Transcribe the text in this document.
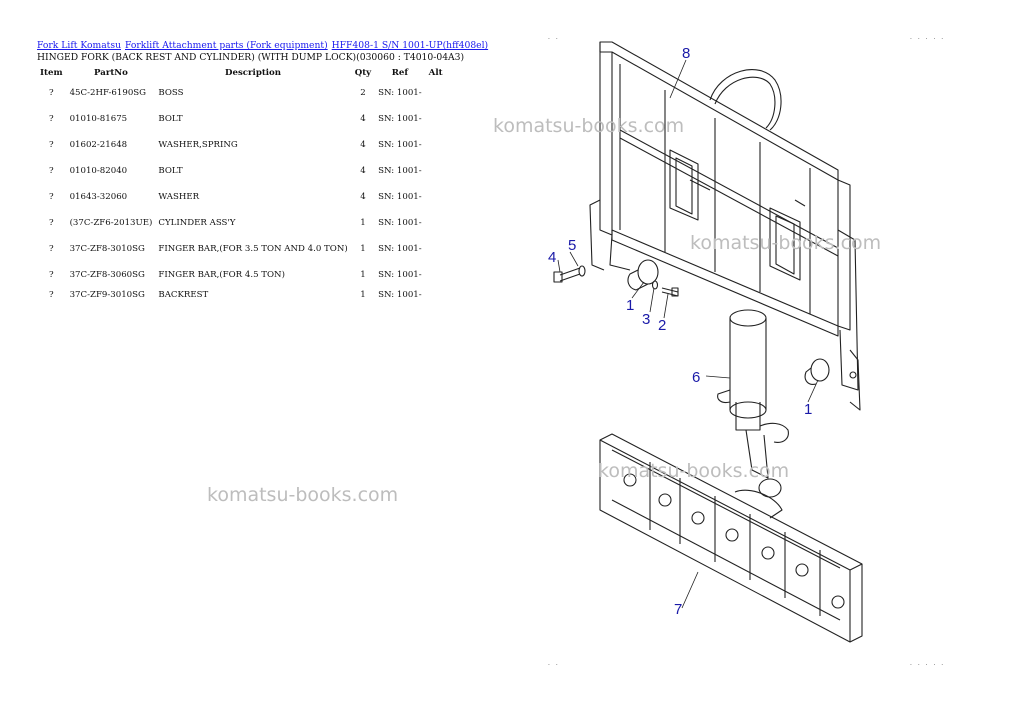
Fork Lift Komatsu Forklift Attachment parts (Fork equipment) HFF408-1 S/N 1001-UP(hff408el)
HINGED FORK (BACK REST AND CYLINDER) (WITH DUMP LOCK)(030060 : T4010-04A3)
Item	PartNo	Description	Qty	Ref	Alt
?	45C-2HF-6190SG	BOSS	2	SN: 1001-	
?	01010-81675	BOLT	4	SN: 1001-	
?	01602-21648	WASHER,SPRING	4	SN: 1001-	
?	01010-82040	BOLT	4	SN: 1001-	
?	01643-32060	WASHER	4	SN: 1001-	
?	(37C-ZF6-2013UE)	CYLINDER ASS'Y	1	SN: 1001-	
?	37C-ZF8-3010SG	FINGER BAR,(FOR 3.5 TON AND 4.0 TON)	1	SN: 1001-	
?	37C-ZF8-3060SG	FINGER BAR,(FOR 4.5 TON)	1	SN: 1001-	
?	37C-ZF9-3010SG	BACKREST	1	SN: 1001-	
8
5
4
1
3 2
6
1
7
· ·	· · · · ·
· ·	· · · · ·
komatsu-books.com
komatsu-books.com
komatsu-books.com
komatsu-books.com
